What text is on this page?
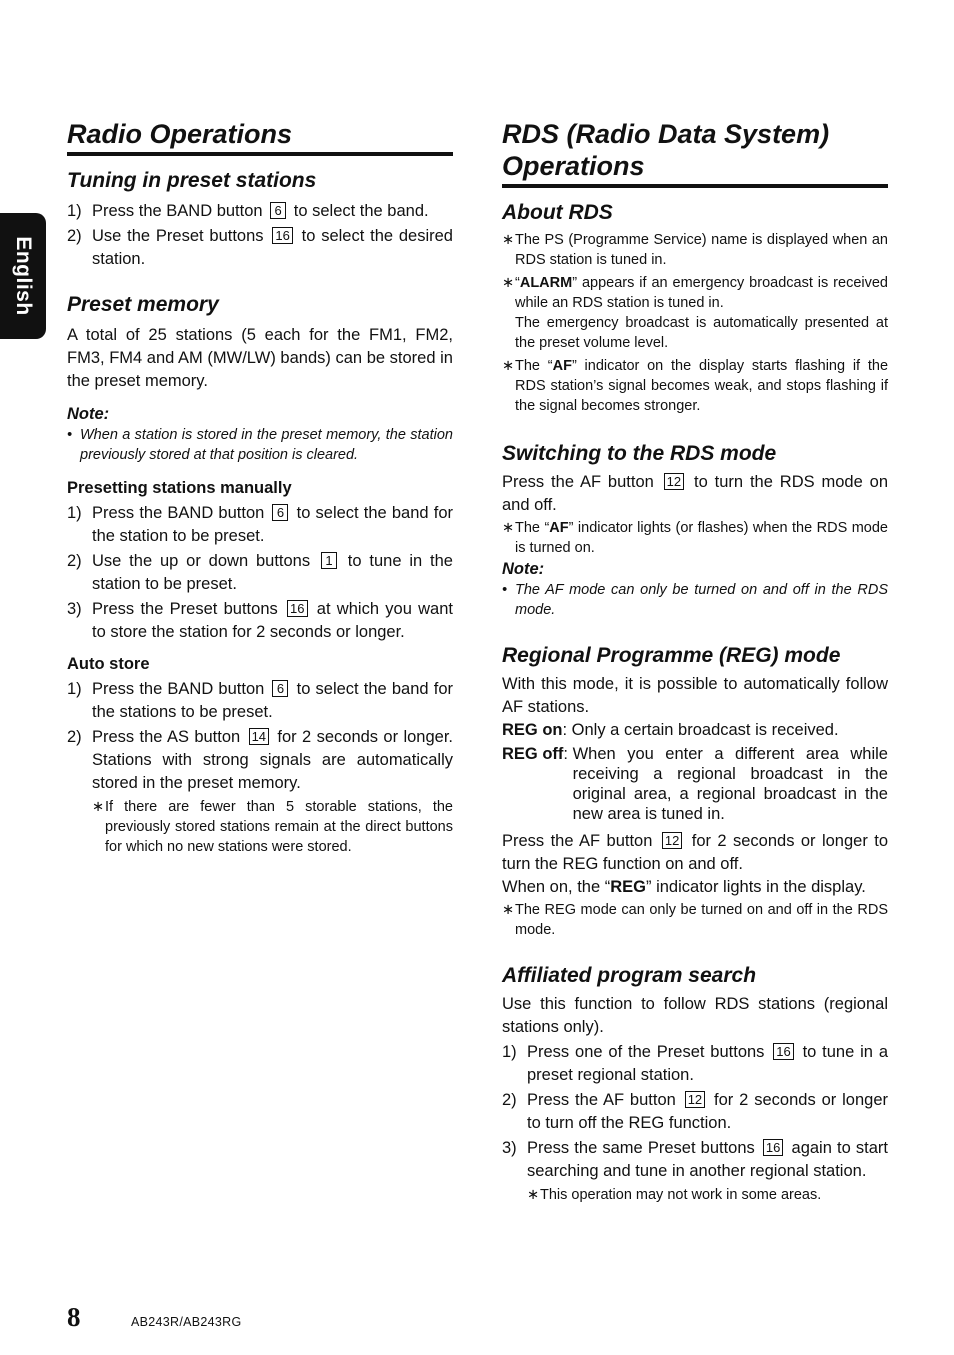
English
Radio Operations
Tuning in preset stations
1) Press the BAND button 6 to select the band.
2) Use the Preset buttons 16 to select the desired station.
Preset memory

A total of 25 stations (5 each for the FM1, FM2, FM3, FM4 and AM (MW/LW) bands) can be stored in the preset memory.

Note:
• When a station is stored in the preset memory, the station previously stored at that position is cleared.
Presetting stations manually
1) Press the BAND button 6 to select the band for the station to be preset.
2) Use the up or down buttons 1 to tune in the station to be preset.
3) Press the Preset buttons 16 at which you want to store the station for 2 seconds or longer.
Auto store
1) Press the BAND button 6 to select the band for the stations to be preset.
2) Press the AS button 14 for 2 seconds or longer. Stations with strong signals are automatically stored in the preset memory.
∗ If there are fewer than 5 storable stations, the previously stored stations remain at the direct buttons for which no new stations were stored.
RDS (Radio Data System) Operations
About RDS
∗ The PS (Programme Service) name is displayed when an RDS station is tuned in.
∗ “ALARM” appears if an emergency broadcast is received while an RDS station is tuned in.
The emergency broadcast is automatically presented at the preset volume level.
∗ The “AF” indicator on the display starts flashing if the RDS station’s signal becomes weak, and stops flashing if the signal becomes stronger.
Switching to the RDS mode

Press the AF button 12 to turn the RDS mode on and off.

∗ The “AF” indicator lights (or flashes) when the RDS mode is turned on.
Note:
• The AF mode can only be turned on and off in the RDS mode.
Regional Programme (REG) mode

With this mode, it is possible to automatically follow AF stations.

REG on : Only a certain broadcast is received.
REG off : When you enter a different area while receiving a regional broadcast in the original area, a regional broadcast in the new area is tuned in.

Press the AF button 12 for 2 seconds or longer to turn the REG function on and off.

When on, the “REG” indicator lights in the display.

∗ The REG mode can only be turned on and off in the RDS mode.
Affiliated program search

Use this function to follow RDS stations (regional stations only).

1) Press one of the Preset buttons 16 to tune in a preset regional station.
2) Press the AF button 12 for 2 seconds or longer to turn off the REG function.
3) Press the same Preset buttons 16 again to start searching and tune in another regional station.
∗ This operation may not work in some areas.
8	AB243R/AB243RG
